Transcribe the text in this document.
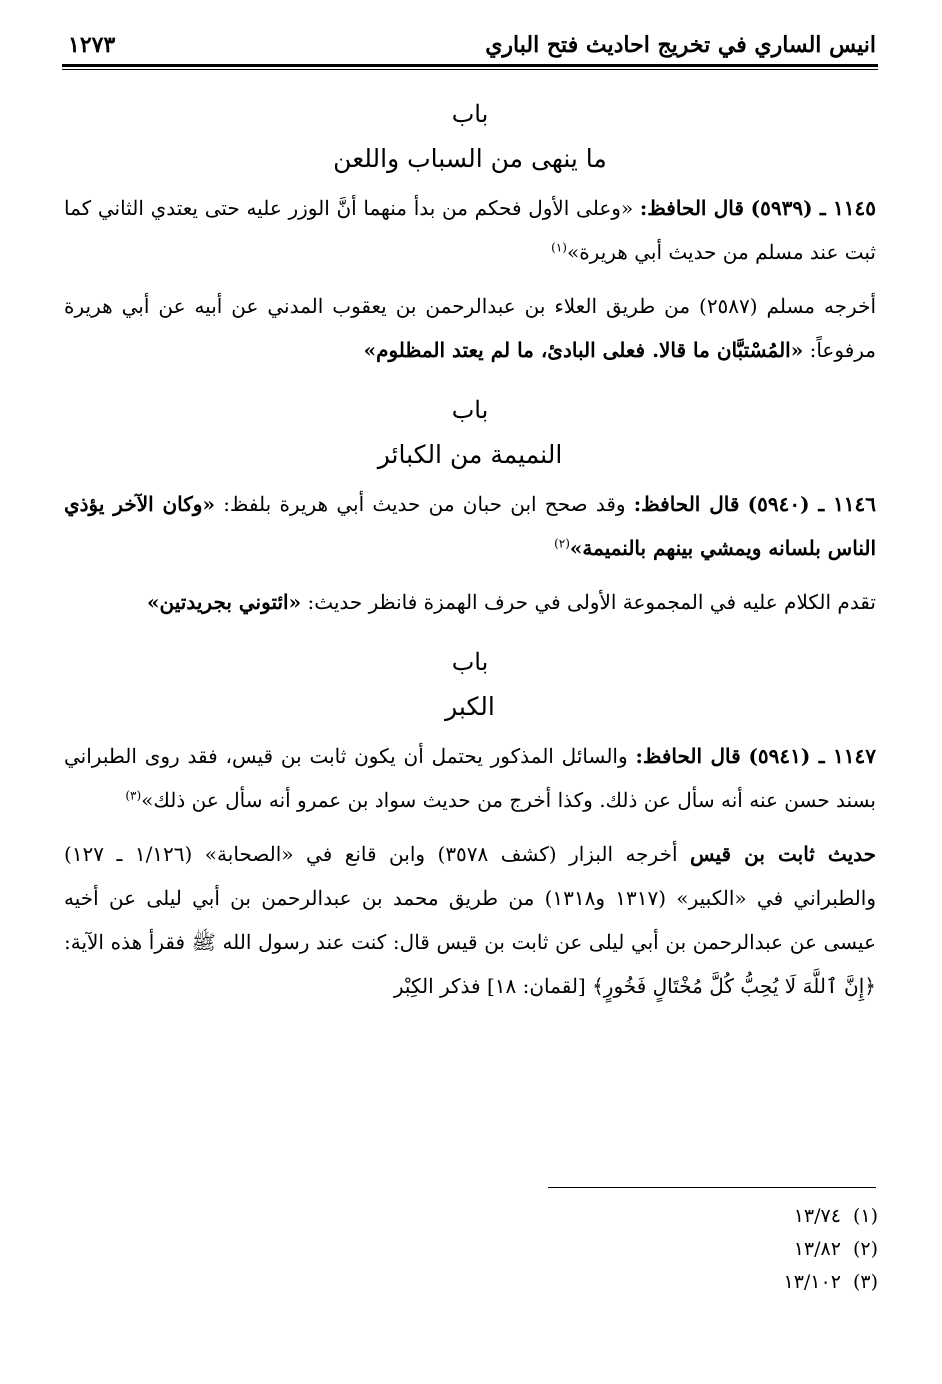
انيس الساري في تخريج احاديث فتح الباري
١٢٧٣

باب

ما ينهى من السباب واللعن

١١٤٥ ـ (٥٩٣٩) قال الحافظ: «وعلى الأول فحكم من بدأ منهما أنَّ الوزر عليه حتى يعتدي الثاني كما ثبت عند مسلم من حديث أبي هريرة»$^{(١)}$

أخرجه مسلم (٢٥٨٧) من طريق العلاء بن عبدالرحمن بن يعقوب المدني عن أبيه عن أبي هريرة مرفوعاً: «المُسْتبَّان ما قالا. فعلى البادئ، ما لم يعتد المظلوم»

باب

النميمة من الكبائر

١١٤٦ ـ (٥٩٤٠) قال الحافظ: وقد صحح ابن حبان من حديث أبي هريرة بلفظ: «وكان الآخر يؤذي الناس بلسانه ويمشي بينهم بالنميمة»$^{(٢)}$

تقدم الكلام عليه في المجموعة الأولى في حرف الهمزة فانظر حديث: «ائتوني بجريدتين»

باب

الكبر

١١٤٧ ـ (٥٩٤١) قال الحافظ: والسائل المذكور يحتمل أن يكون ثابت بن قيس، فقد روى الطبراني بسند حسن عنه أنه سأل عن ذلك. وكذا أخرج من حديث سواد بن عمرو أنه سأل عن ذلك»$^{(٣)}$

حديث ثابت بن قيس أخرجه البزار (كشف ٣٥٧٨) وابن قانع في «الصحابة» (١/١٢٦ ـ ١٢٧) والطبراني في «الكبير» (١٣١٧ و١٣١٨) من طريق محمد بن عبدالرحمن بن أبي ليلى عن أخيه عيسى عن عبدالرحمن بن أبي ليلى عن ثابت بن قيس قال: كنت عند رسول الله ﷺ فقرأ هذه الآية: ﴿إِنَّ ٱللَّهَ لَا يُحِبُّ كُلَّ مُخْتَالٍ فَخُورٍ﴾ [لقمان: ١٨] فذكر الكِبْر

(١)١٣/٧٤
(٢)١٣/٨٢
(٣)١٣/١٠٢
